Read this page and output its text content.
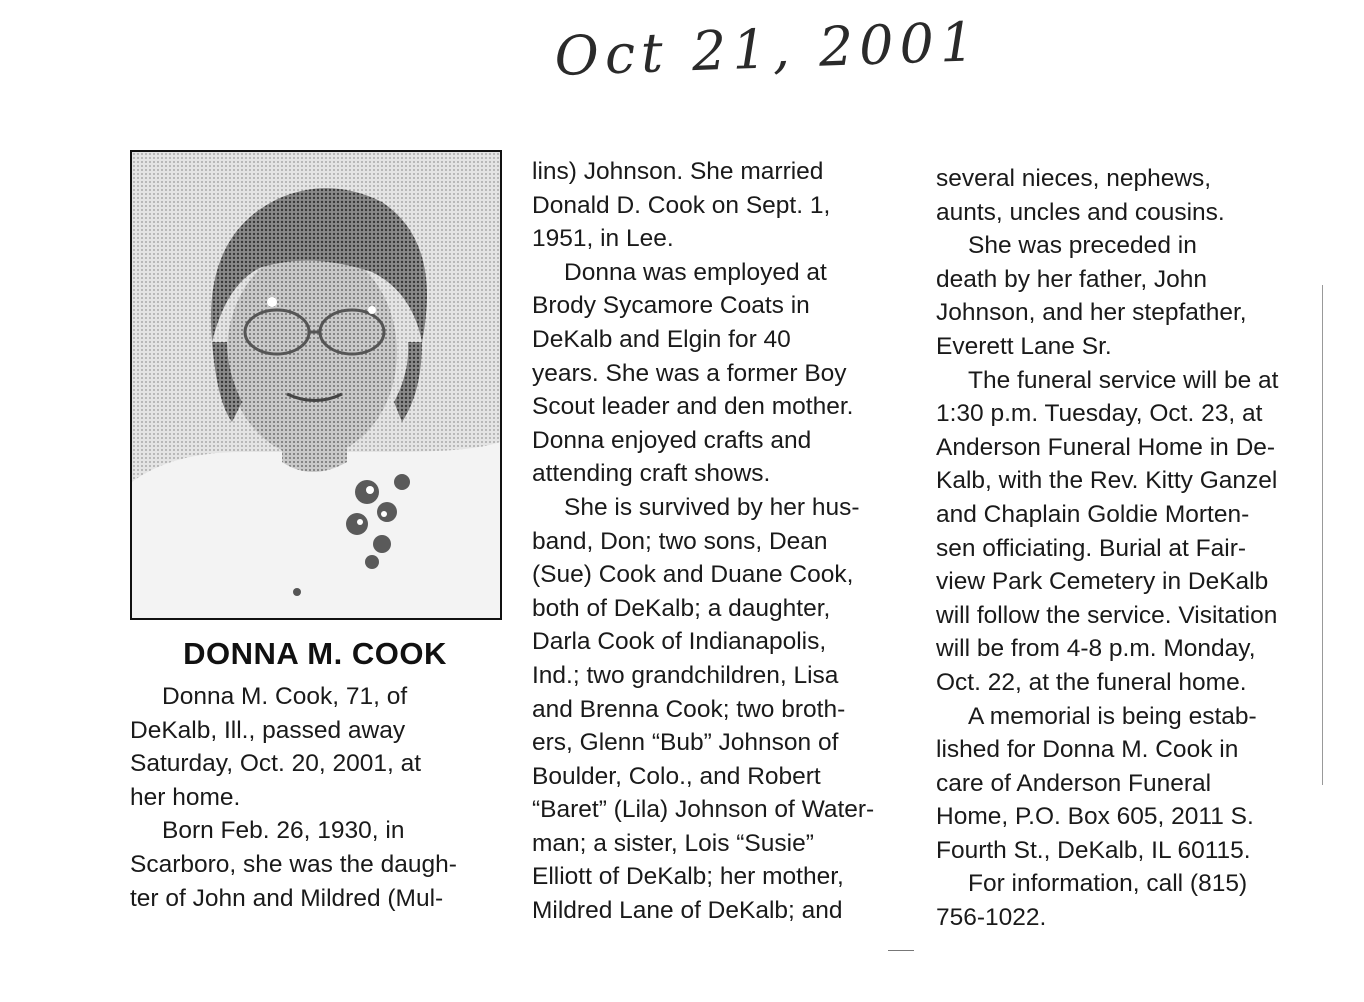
Oct 21, 2001
DONNA M. COOK
Donna M. Cook, 71, of
DeKalb, Ill., passed away
Saturday, Oct. 20, 2001, at
her home.
Born Feb. 26, 1930, in
Scarboro, she was the daugh-
ter of John and Mildred (Mul-
lins) Johnson. She married
Donald D. Cook on Sept. 1,
1951, in Lee.
Donna was employed at
Brody Sycamore Coats in
DeKalb and Elgin for 40
years. She was a former Boy
Scout leader and den mother.
Donna enjoyed crafts and
attending craft shows.
She is survived by her hus-
band, Don; two sons, Dean
(Sue) Cook and Duane Cook,
both of DeKalb; a daughter,
Darla Cook of Indianapolis,
Ind.; two grandchildren, Lisa
and Brenna Cook; two broth-
ers, Glenn “Bub” Johnson of
Boulder, Colo., and Robert
“Baret” (Lila) Johnson of Water-
man; a sister, Lois “Susie”
Elliott of DeKalb; her mother,
Mildred Lane of DeKalb; and
several nieces, nephews,
aunts, uncles and cousins.
She was preceded in
death by her father, John
Johnson, and her stepfather,
Everett Lane Sr.
The funeral service will be at
1:30 p.m. Tuesday, Oct. 23, at
Anderson Funeral Home in De-
Kalb, with the Rev. Kitty Ganzel
and Chaplain Goldie Morten-
sen officiating. Burial at Fair-
view Park Cemetery in DeKalb
will follow the service. Visitation
will be from 4-8 p.m. Monday,
Oct. 22, at the funeral home.
A memorial is being estab-
lished for Donna M. Cook in
care of Anderson Funeral
Home, P.O. Box 605, 2011 S.
Fourth St., DeKalb, IL 60115.
For information, call (815)
756-1022.
